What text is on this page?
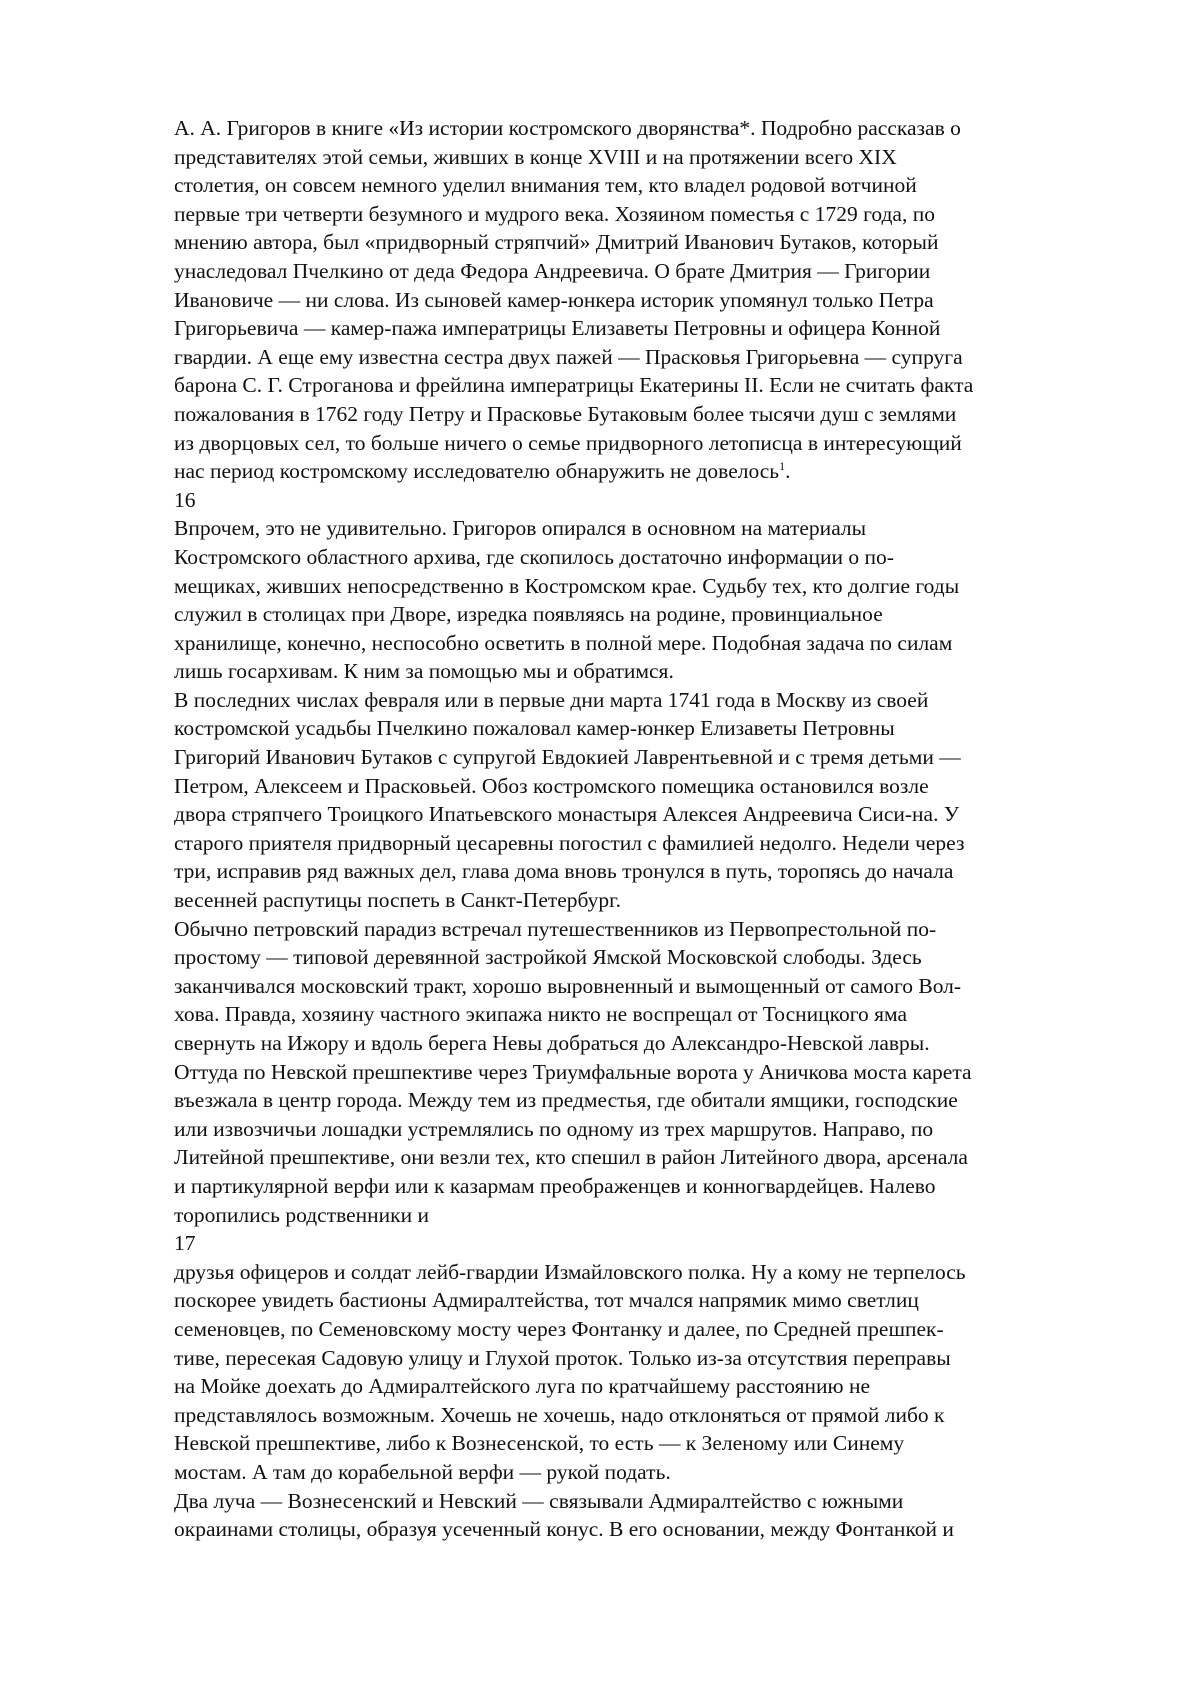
А. А. Григоров в книге «Из истории костромского дворянства*. Подробно рассказав о
представителях этой семьи, живших в конце XVIII и на протяжении всего XIX
столетия, он совсем немного уделил внимания тем, кто владел родовой вотчиной
первые три четверти безумного и мудрого века. Хозяином поместья с 1729 года, по
мнению автора, был «придворный стряпчий» Дмитрий Иванович Бутаков, который
унаследовал Пчелкино от деда Федора Андреевича. О брате Дмитрия — Григории
Ивановиче — ни слова. Из сыновей камер-юнкера историк упомянул только Петра
Григорьевича — камер-пажа императрицы Елизаветы Петровны и офицера Конной
гвардии. А еще ему известна сестра двух пажей — Прасковья Григорьевна — супруга
барона С. Г. Строганова и фрейлина императрицы Екатерины II. Если не считать факта
пожалования в 1762 году Петру и Прасковье Бутаковым более тысячи душ с землями
из дворцовых сел, то больше ничего о семье придворного летописца в интересующий
нас период костромскому исследователю обнаружить не довелось1.
16
Впрочем, это не удивительно. Григоров опирался в основном на материалы
Костромского областного архива, где скопилось достаточно информации о по-
мещиках, живших непосредственно в Костромском крае. Судьбу тех, кто долгие годы
служил в столицах при Дворе, изредка появляясь на родине, провинциальное
хранилище, конечно, неспособно осветить в полной мере. Подобная задача по силам
лишь госархивам. К ним за помощью мы и обратимся.
В последних числах февраля или в первые дни марта 1741 года в Москву из своей
костромской усадьбы Пчелкино пожаловал камер-юнкер Елизаветы Петровны
Григорий Иванович Бутаков с супругой Евдокией Лаврентьевной и с тремя детьми —
Петром, Алексеем и Прасковьей. Обоз костромского помещика остановился возле
двора стряпчего Троицкого Ипатьевского монастыря Алексея Андреевича Сиси-на. У
старого приятеля придворный цесаревны погостил с фамилией недолго. Недели через
три, исправив ряд важных дел, глава дома вновь тронулся в путь, торопясь до начала
весенней распутицы поспеть в Санкт-Петербург.
Обычно петровский парадиз встречал путешественников из Первопрестольной по-
простому — типовой деревянной застройкой Ямской Московской слободы. Здесь
заканчивался московский тракт, хорошо выровненный и вымощенный от самого Вол-
хова. Правда, хозяину частного экипажа никто не воспрещал от Тосницкого яма
свернуть на Ижору и вдоль берега Невы добраться до Александро-Невской лавры.
Оттуда по Невской прешпективе через Триумфальные ворота у Аничкова моста карета
въезжала в центр города. Между тем из предместья, где обитали ямщики, господские
или извозчичьи лошадки устремлялись по одному из трех маршрутов. Направо, по
Литейной прешпективе, они везли тех, кто спешил в район Литейного двора, арсенала
и партикулярной верфи или к казармам преображенцев и конногвардейцев. Налево
торопились родственники и
17
друзья офицеров и солдат лейб-гвардии Измайловского полка. Ну а кому не терпелось
поскорее увидеть бастионы Адмиралтейства, тот мчался напрямик мимо светлиц
семеновцев, по Семеновскому мосту через Фонтанку и далее, по Средней прешпек-
тиве, пересекая Садовую улицу и Глухой проток. Только из-за отсутствия переправы
на Мойке доехать до Адмиралтейского луга по кратчайшему расстоянию не
представлялось возможным. Хочешь не хочешь, надо отклоняться от прямой либо к
Невской прешпективе, либо к Вознесенской, то есть — к Зеленому или Синему
мостам. А там до корабельной верфи — рукой подать.
Два луча — Вознесенский и Невский — связывали Адмиралтейство с южными
окраинами столицы, образуя усеченный конус. В его основании, между Фонтанкой и
